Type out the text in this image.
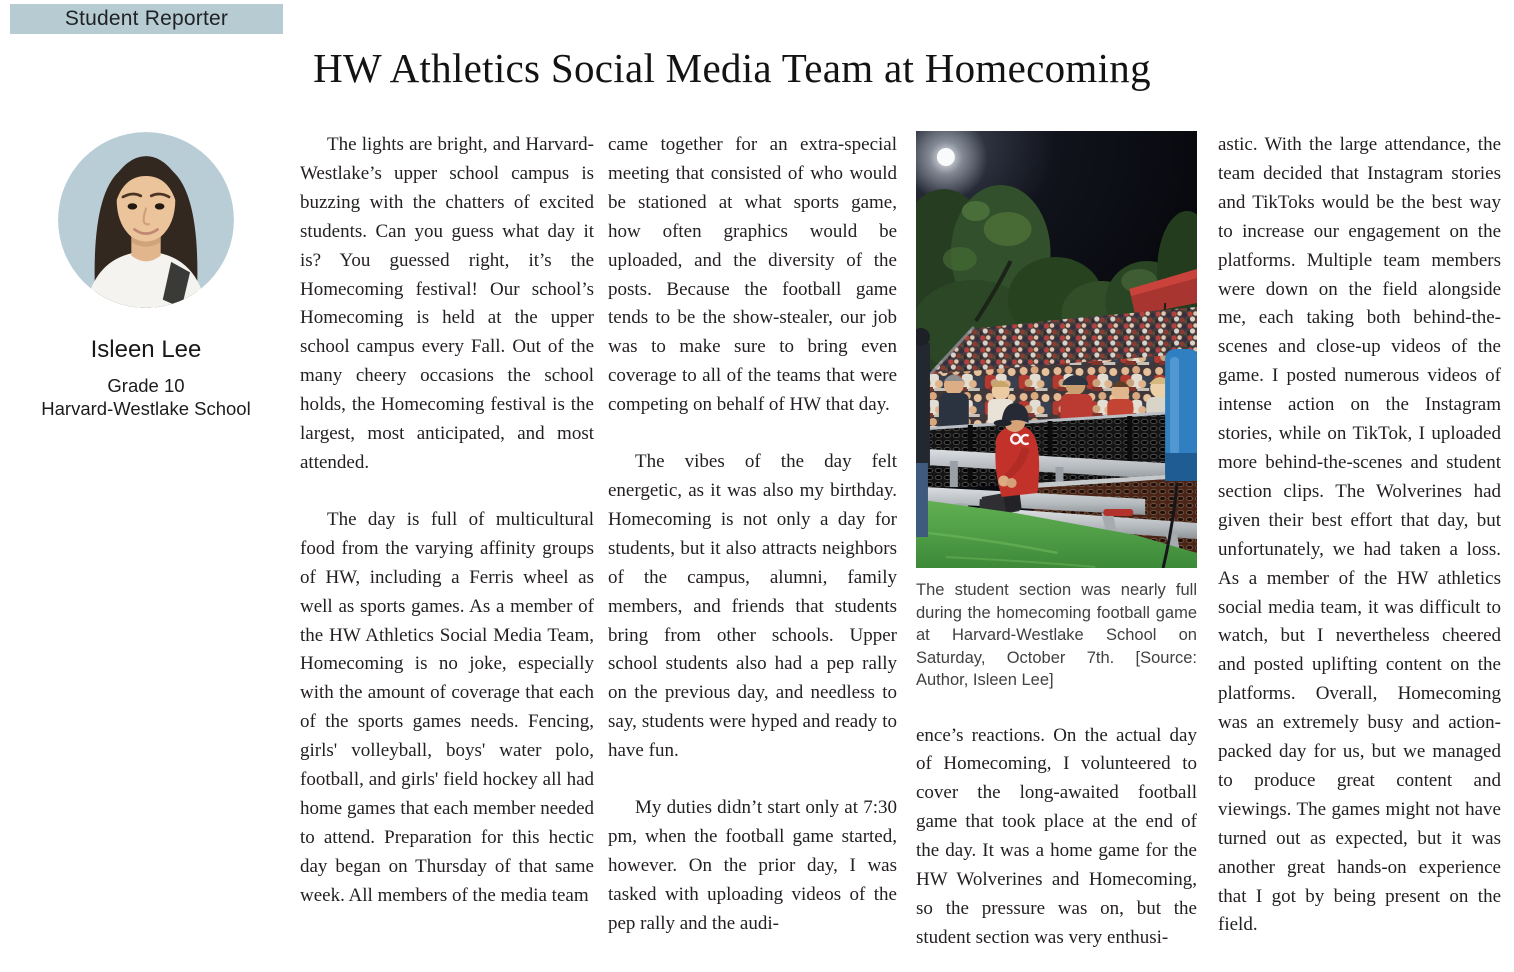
Student Reporter
HW Athletics Social Media Team at Homecoming
Isleen Lee
Grade 10
Harvard-Westlake School

The lights are bright, and Harvard-Westlake’s upper school campus is buzzing with the chatters of excited students. Can you guess what day it is? You guessed right, it’s the Homecoming festival! Our school’s Homecoming is held at the upper school campus every Fall. Out of the many cheery occasions the school holds, the Homecoming festival is the largest, most anticipated, and most attended.

The day is full of multicultural food from the varying affinity groups of HW, including a Ferris wheel as well as sports games. As a member of the HW Athletics Social Media Team, Homecoming is no joke, especially with the amount of coverage that each of the sports games needs. Fencing, girls' volleyball, boys' water polo, football, and girls' field hockey all had home games that each member needed to attend. Preparation for this hectic day began on Thursday of that same week. All members of the media team

came together for an extra-special meeting that consisted of who would be stationed at what sports game, how often graphics would be uploaded, and the diversity of the posts. Because the football game tends to be the show-stealer, our job was to make sure to bring even coverage to all of the teams that were competing on behalf of HW that day.

The vibes of the day felt energetic, as it was also my birthday. Homecoming is not only a day for students, but it also attracts neighbors of the campus, alumni, family members, and friends that students bring from other schools. Upper school students also had a pep rally on the previous day, and needless to say, students were hyped and ready to have fun.

My duties didn’t start only at 7:30 pm, when the football game started, however. On the prior day, I was tasked with uploading videos of the pep rally and the audi-

The student section was nearly full during the homecoming football game at Harvard-Westlake School on Saturday, October 7th. [Source: Author, Isleen Lee]

ence’s reactions. On the actual day of Homecoming, I volunteered to cover the long-awaited football game that took place at the end of the day. It was a home game for the HW Wolverines and Homecoming, so the pressure was on, but the student section was very enthusi-

astic. With the large attendance, the team decided that Instagram stories and TikToks would be the best way to increase our engagement on the platforms. Multiple team members were down on the field alongside me, each taking both behind-the-scenes and close-up videos of the game. I posted numerous videos of intense action on the Instagram stories, while on TikTok, I uploaded more behind-the-scenes and student section clips. The Wolverines had given their best effort that day, but unfortunately, we had taken a loss. As a member of the HW athletics social media team, it was difficult to watch, but I nevertheless cheered and posted uplifting content on the platforms. Overall, Homecoming was an extremely busy and action-packed day for us, but we managed to produce great content and viewings. The games might not have turned out as expected, but it was another great hands-on experience that I got by being present on the field.
